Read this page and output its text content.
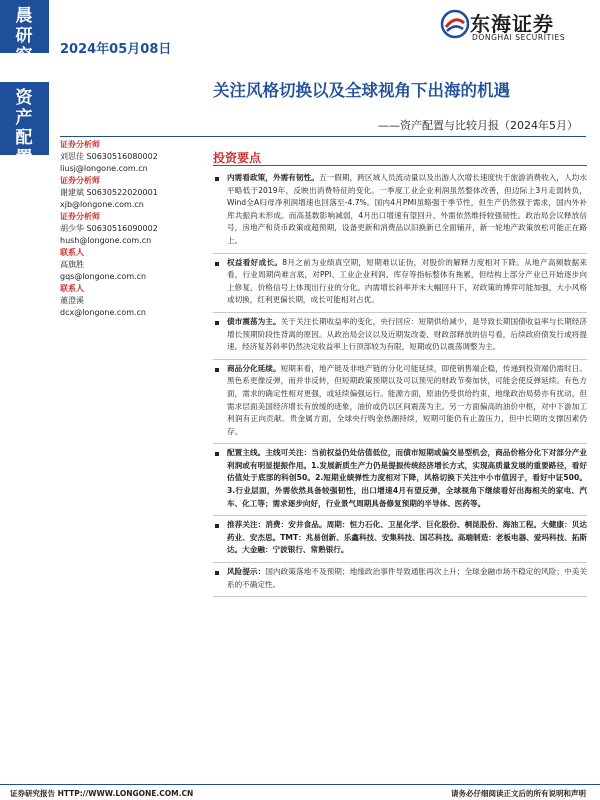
晨研究
资产配置
2024年05月08日
东海证券
DONGHAI SECURITIES
关注风格切换以及全球视角下出海的机遇
——资产配置与比较月报（2024年5月）
证券分析师
刘思佳 S0630516080002
liusj@longone.com.cn
证券分析师
谢建斌 S0630522020001
xjb@longone.com.cn
证券分析师
胡少华 S0630516090002
hush@longone.com.cn
联系人
高旗胜
gqs@longone.com.cn
联系人
董澄溪
dcx@longone.com.cn
投资要点
内需看政策，外需有韧性。五一假期，跨区域人员流动量以及出游人次增长速度快于旅游消费收入，人均水平略低于2019年，反映出消费特征的变化。一季度工业企业利润虽然整体改善，但边际上3月走弱转负，Wind全A归母净利润增速也回落至-4.7%。国内4月PMI虽略强于季节性，但生产仍然强于需求，国内外补库共振尚未形成。而高基数影响减弱，4月出口增速有望回升，外需依然维持较强韧性。政治局会议释放信号，房地产和货币政策或超预期，设备更新和消费品以旧换新已全面铺开，新一轮地产政策放松可能正在路上。
权益看好成长。8月之前为业绩真空期，短期难以证伪，对股价的解释力度相对下降。从地产高频数据来看，行业周期尚难言底，对PPI、工业企业利润、库存等指标整体有拖累，但结构上部分产业已开始逐步向上修复，价格信号上体现出行业的分化。内需增长斜率并未大幅回升下，对政策的博弈可能加强，大小风格或切换，红利更偏长期，成长可能相对占优。
债市震荡为主。关于关注长期收益率的变化，央行回应：短期供给减少，是导致长期国债收益率与长期经济增长预期阶段性背离的原因。从政治局会议以及近期发改委、财政部释放的信号看，后续政府债发行或将提速。经济复苏斜率仍然决定收益率上行顶部较为有限，短期或仍以震荡调整为主。
商品分化延续。短期来看，地产链及非地产链的分化可能延续，即使销售端企稳，传递到投资端仍需时日。黑色系更像反弹，而并非反转，但短期政策预期以及可以预见的财政节奏加快，可能会使反弹延续。有色方面，需求的确定性相对更强，或延续偏强运行。能源方面，原油仍受供给约束，地缘政治局势亦有扰动，但需求层面美国经济增长有放缓的迹象，油价或仍以区间震荡为主。另一方面偏高的油价中枢，对中下游加工利润有正向贡献。贵金属方面，全球央行购金热潮持续，短期可能仍有止盈压力，但中长期的支撑因素仍存。
配置主线。主线可关注：当前权益仍处估值低位，而债市短期或偏交易型机会，商品价格分化下对部分产业利润或有明显提振作用。1.发展新质生产力仍是提振传统经济增长方式，实现高质量发展的重要路径，看好估值处于底部的科创50。2.短期业绩弹性力度相对下降，风格切换下关注中小市值因子，看好中证500。3.行业层面，外需依然具备较强韧性，出口增速4月有望反弹，全球视角下继续看好出海相关的家电、汽车、化工等；需求逐步向好，行业景气周期具备修复预期的半导体、医药等。
推荐关注：消费：安井食品。周期：恒力石化、卫星化学、巨化股份、桐昆股份、海油工程。大健康：贝达药业、安杰思。TMT：兆易创新、乐鑫科技、安集科技、国芯科技。高端制造：老板电器、爱玛科技、拓斯达。大金融：宁波银行、常熟银行。
风险提示：国内政策落地不及预期；地缘政治事件导致通胀再次上升；全球金融市场不稳定的风险；中美关系的不确定性。
证券研究报告 HTTP://WWW.LONGONE.COM.CN	请务必仔细阅读正文后的所有说明和声明
